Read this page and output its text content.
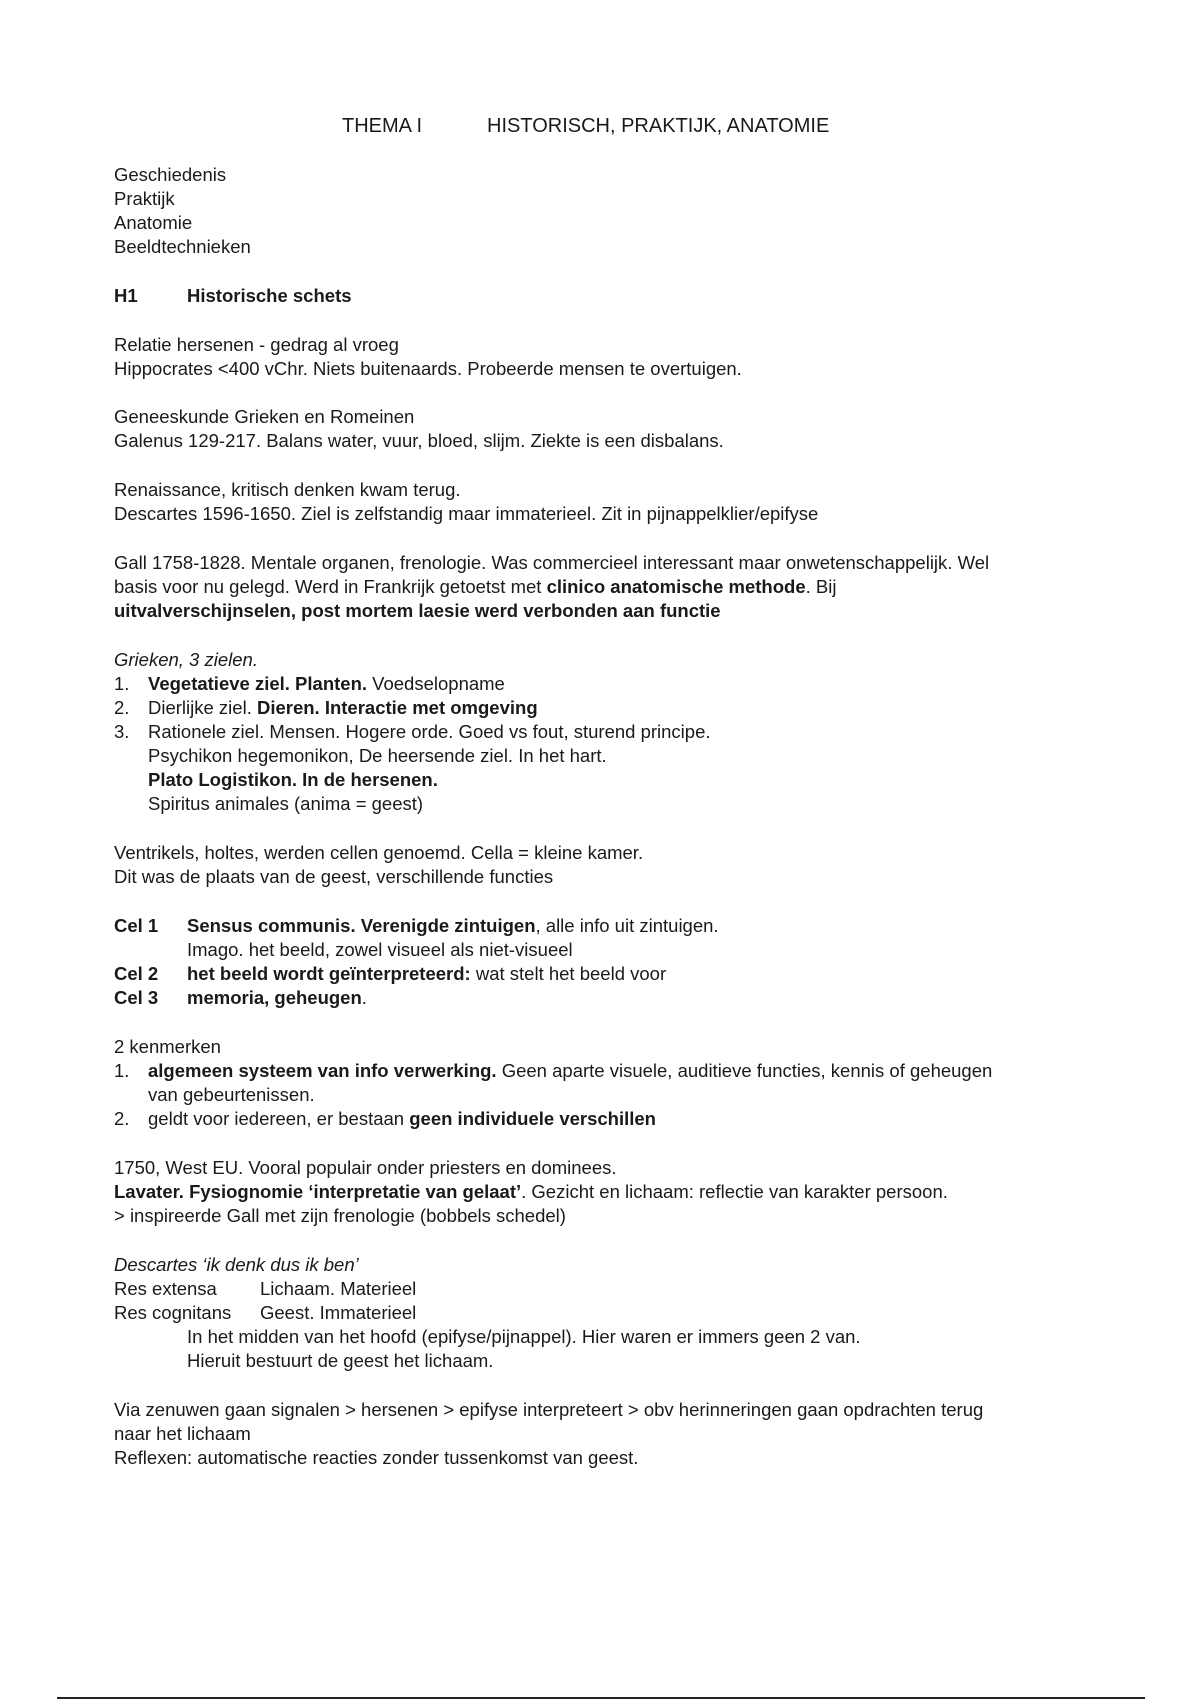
THEMA I	HISTORISCH, PRAKTIJK, ANATOMIE
Geschiedenis
Praktijk
Anatomie
Beeldtechnieken
H1	Historische schets
Relatie hersenen - gedrag al vroeg
Hippocrates <400 vChr. Niets buitenaards. Probeerde mensen te overtuigen.
Geneeskunde Grieken en Romeinen
Galenus 129-217. Balans water, vuur, bloed, slijm. Ziekte is een disbalans.
Renaissance, kritisch denken kwam terug.
Descartes 1596-1650. Ziel is zelfstandig maar immaterieel. Zit in pijnappelklier/epifyse
Gall 1758-1828. Mentale organen, frenologie. Was commercieel interessant maar onwetenschappelijk. Wel
basis voor nu gelegd. Werd in Frankrijk getoetst met clinico anatomische methode. Bij
uitvalverschijnselen, post mortem laesie werd verbonden aan functie
Grieken, 3 zielen.
1. Vegetatieve ziel. Planten. Voedselopname
2. Dierlijke ziel. Dieren. Interactie met omgeving
3. Rationele ziel. Mensen. Hogere orde. Goed vs fout, sturend principe.
Psychikon hegemonikon, De heersende ziel. In het hart.
Plato Logistikon. In de hersenen.
Spiritus animales (anima = geest)
Ventrikels, holtes, werden cellen genoemd. Cella = kleine kamer.
Dit was de plaats van de geest, verschillende functies
Cel 1 Sensus communis. Verenigde zintuigen, alle info uit zintuigen.
Imago. het beeld, zowel visueel als niet-visueel
Cel 2 het beeld wordt geïnterpreteerd: wat stelt het beeld voor
Cel 3 memoria, geheugen.
2 kenmerken
1. algemeen systeem van info verwerking. Geen aparte visuele, auditieve functies, kennis of geheugen
van gebeurtenissen.
2. geldt voor iedereen, er bestaan geen individuele verschillen
1750, West EU. Vooral populair onder priesters en dominees.
Lavater. Fysiognomie ‘interpretatie van gelaat’. Gezicht en lichaam: reflectie van karakter persoon.
> inspireerde Gall met zijn frenologie (bobbels schedel)
Descartes ‘ik denk dus ik ben’
Res extensa Lichaam. Materieel
Res cognitans Geest. Immaterieel
In het midden van het hoofd (epifyse/pijnappel). Hier waren er immers geen 2 van.
Hieruit bestuurt de geest het lichaam.
Via zenuwen gaan signalen > hersenen > epifyse interpreteert > obv herinneringen gaan opdrachten terug
naar het lichaam
Reflexen: automatische reacties zonder tussenkomst van geest.
